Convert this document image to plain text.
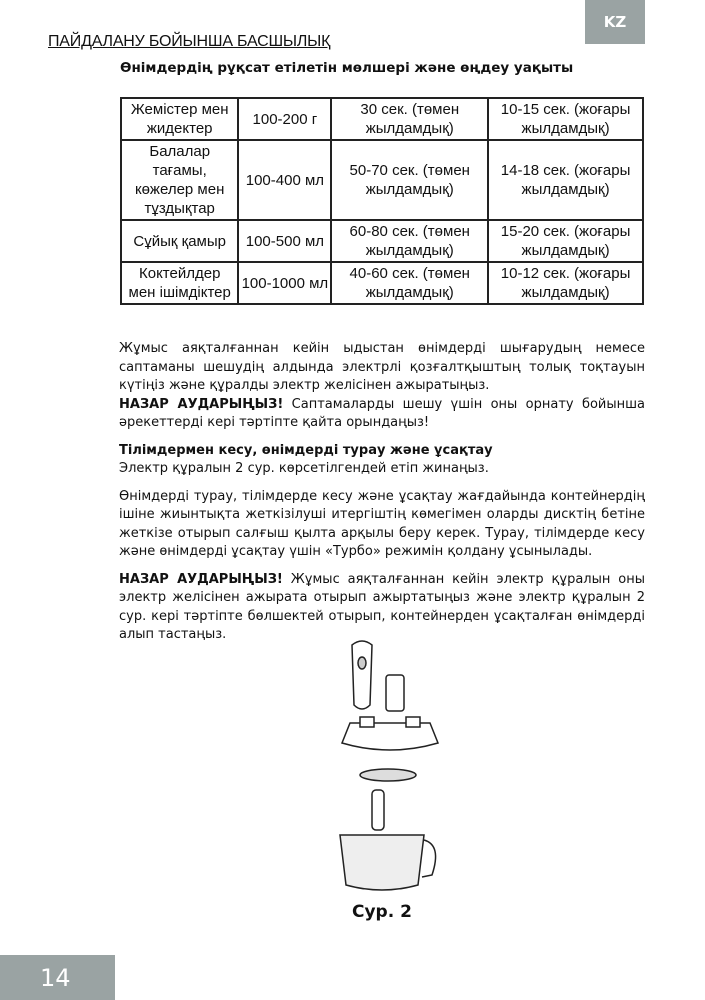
KZ
ПАЙДАЛАНУ БОЙЫНША БАСШЫЛЫҚ
Өнімдердің рұқсат етілетін мөлшері және өңдеу уақыты
Жемістер мен жидектер	100-200 г	30 сек. (төмен жылдамдық)	10-15 сек. (жоғары жылдамдық)
Балалар тағамы, көжелер мен тұздықтар	100-400 мл	50-70 сек. (төмен жылдамдық)	14-18 сек. (жоғары жылдамдық)
Сұйық қамыр	100-500 мл	60-80 сек. (төмен жылдамдық)	15-20 сек. (жоғары жылдамдық)
Коктейлдер мен ішімдіктер	100-1000 мл	40-60 сек. (төмен жылдамдық)	10-12 сек. (жоғары жылдамдық)

Жұмыс аяқталғаннан кейін ыдыстан өнімдерді шығарудың немесе саптаманы шешудің алдында электрлі қозғалтқыштың толық тоқтауын күтіңіз және құралды электр желісінен ажыратыңыз.

НАЗАР АУДАРЫҢЫЗ! Саптамаларды шешу үшін оны орнату бойынша әрекеттерді кері тәртіпте қайта орындаңыз!

Тілімдермен кесу, өнімдерді турау және ұсақтау

Электр құралын 2 сур. көрсетілгендей етіп жинаңыз.

Өнімдерді турау, тілімдерде кесу және ұсақтау жағдайында контейнердің ішіне жиынтықта жеткізілуші итергіштің көмегімен оларды дисктің бетіне жеткізе отырып салғыш қылта арқылы беру керек. Турау, тілімдерде кесу және өнімдерді ұсақтау үшін «Турбо» режимін қолдану ұсынылады.

НАЗАР АУДАРЫҢЫЗ! Жұмыс аяқталғаннан кейін электр құралын оны электр желісінен ажырата отырып ажыртатыңыз және электр құралын 2 сур. кері тәртіпте бөлшектей отырып, контейнерден ұсақталған өнімдерді алып тастаңыз.

Сур. 2
14
